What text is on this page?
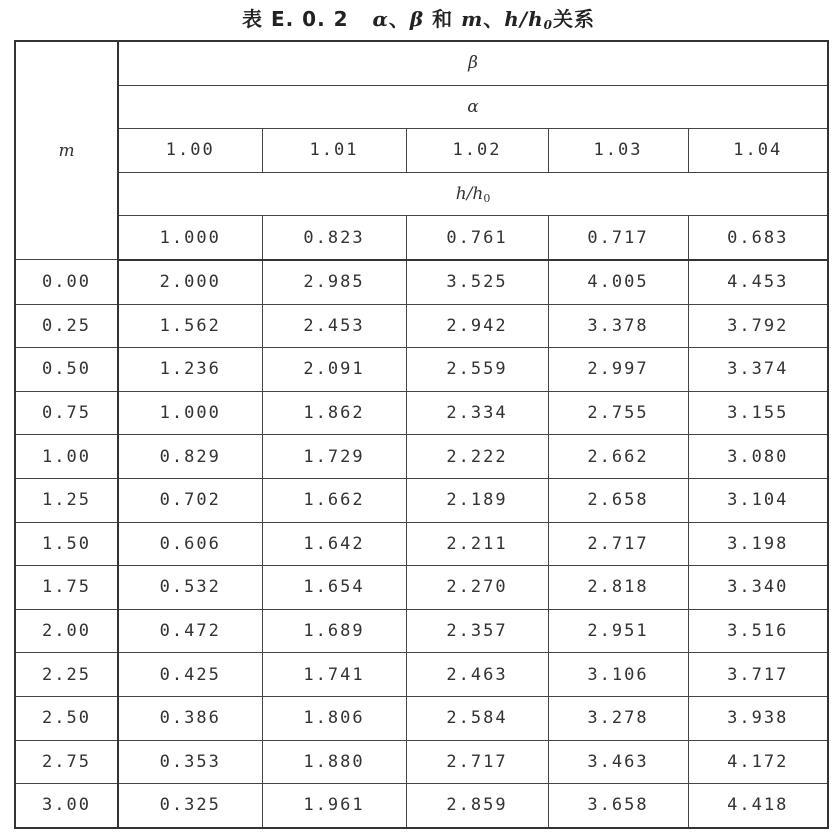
表 E. 0. 2 α、β 和 m、$h/h_0$关系
m	β				
	α				
	1.00	1.01	1.02	1.03	1.04
	$h/h_0$
	1.000	0.823	0.761	0.717	0.683
0.00	2.000	2.985	3.525	4.005	4.453
0.25	1.562	2.453	2.942	3.378	3.792
0.50	1.236	2.091	2.559	2.997	3.374
0.75	1.000	1.862	2.334	2.755	3.155
1.00	0.829	1.729	2.222	2.662	3.080
1.25	0.702	1.662	2.189	2.658	3.104
1.50	0.606	1.642	2.211	2.717	3.198
1.75	0.532	1.654	2.270	2.818	3.340
2.00	0.472	1.689	2.357	2.951	3.516
2.25	0.425	1.741	2.463	3.106	3.717
2.50	0.386	1.806	2.584	3.278	3.938
2.75	0.353	1.880	2.717	3.463	4.172
3.00	0.325	1.961	2.859	3.658	4.418
